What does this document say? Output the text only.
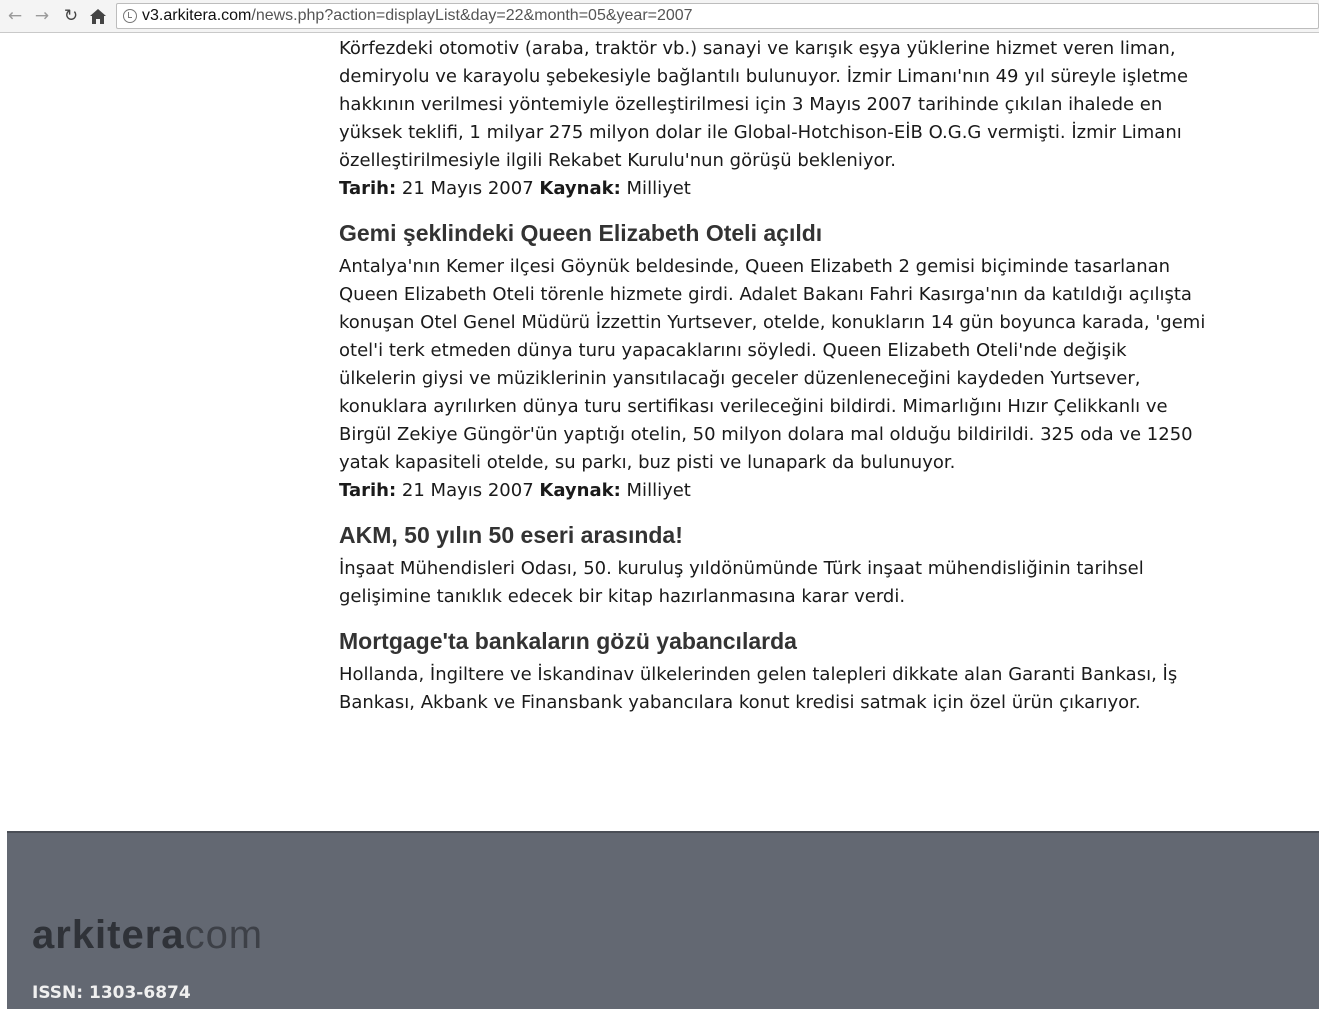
← → ↻	v3.arkitera.com/news.php?action=displayList&day=22&month=05&year=2007

Körfezdeki otomotiv (araba, traktör vb.) sanayi ve karışık eşya yüklerine hizmet veren liman, demiryolu ve karayolu şebekesiyle bağlantılı bulunuyor. İzmir Limanı'nın 49 yıl süreyle işletme hakkının verilmesi yöntemiyle özelleştirilmesi için 3 Mayıs 2007 tarihinde çıkılan ihalede en yüksek teklifi, 1 milyar 275 milyon dolar ile Global-Hotchison-EİB O.G.G vermişti. İzmir Limanı özelleştirilmesiyle ilgili Rekabet Kurulu'nun görüşü bekleniyor.

Tarih: 21 Mayıs 2007 Kaynak: Milliyet

Gemi şeklindeki Queen Elizabeth Oteli açıldı

Antalya'nın Kemer ilçesi Göynük beldesinde, Queen Elizabeth 2 gemisi biçiminde tasarlanan Queen Elizabeth Oteli törenle hizmete girdi. Adalet Bakanı Fahri Kasırga'nın da katıldığı açılışta konuşan Otel Genel Müdürü İzzettin Yurtsever, otelde, konukların 14 gün boyunca karada, 'gemi otel'i terk etmeden dünya turu yapacaklarını söyledi. Queen Elizabeth Oteli'nde değişik ülkelerin giysi ve müziklerinin yansıtılacağı geceler düzenleneceğini kaydeden Yurtsever, konuklara ayrılırken dünya turu sertifikası verileceğini bildirdi. Mimarlığını Hızır Çelikkanlı ve Birgül Zekiye Güngör'ün yaptığı otelin, 50 milyon dolara mal olduğu bildirildi. 325 oda ve 1250 yatak kapasiteli otelde, su parkı, buz pisti ve lunapark da bulunuyor.

Tarih: 21 Mayıs 2007 Kaynak: Milliyet

AKM, 50 yılın 50 eseri arasında!

İnşaat Mühendisleri Odası, 50. kuruluş yıldönümünde Türk inşaat mühendisliğinin tarihsel gelişimine tanıklık edecek bir kitap hazırlanmasına karar verdi.

Mortgage'ta bankaların gözü yabancılarda

Hollanda, İngiltere ve İskandinav ülkelerinden gelen talepleri dikkate alan Garanti Bankası, İş Bankası, Akbank ve Finansbank yabancılara konut kredisi satmak için özel ürün çıkarıyor.

arkiteracom
ISSN: 1303-6874
